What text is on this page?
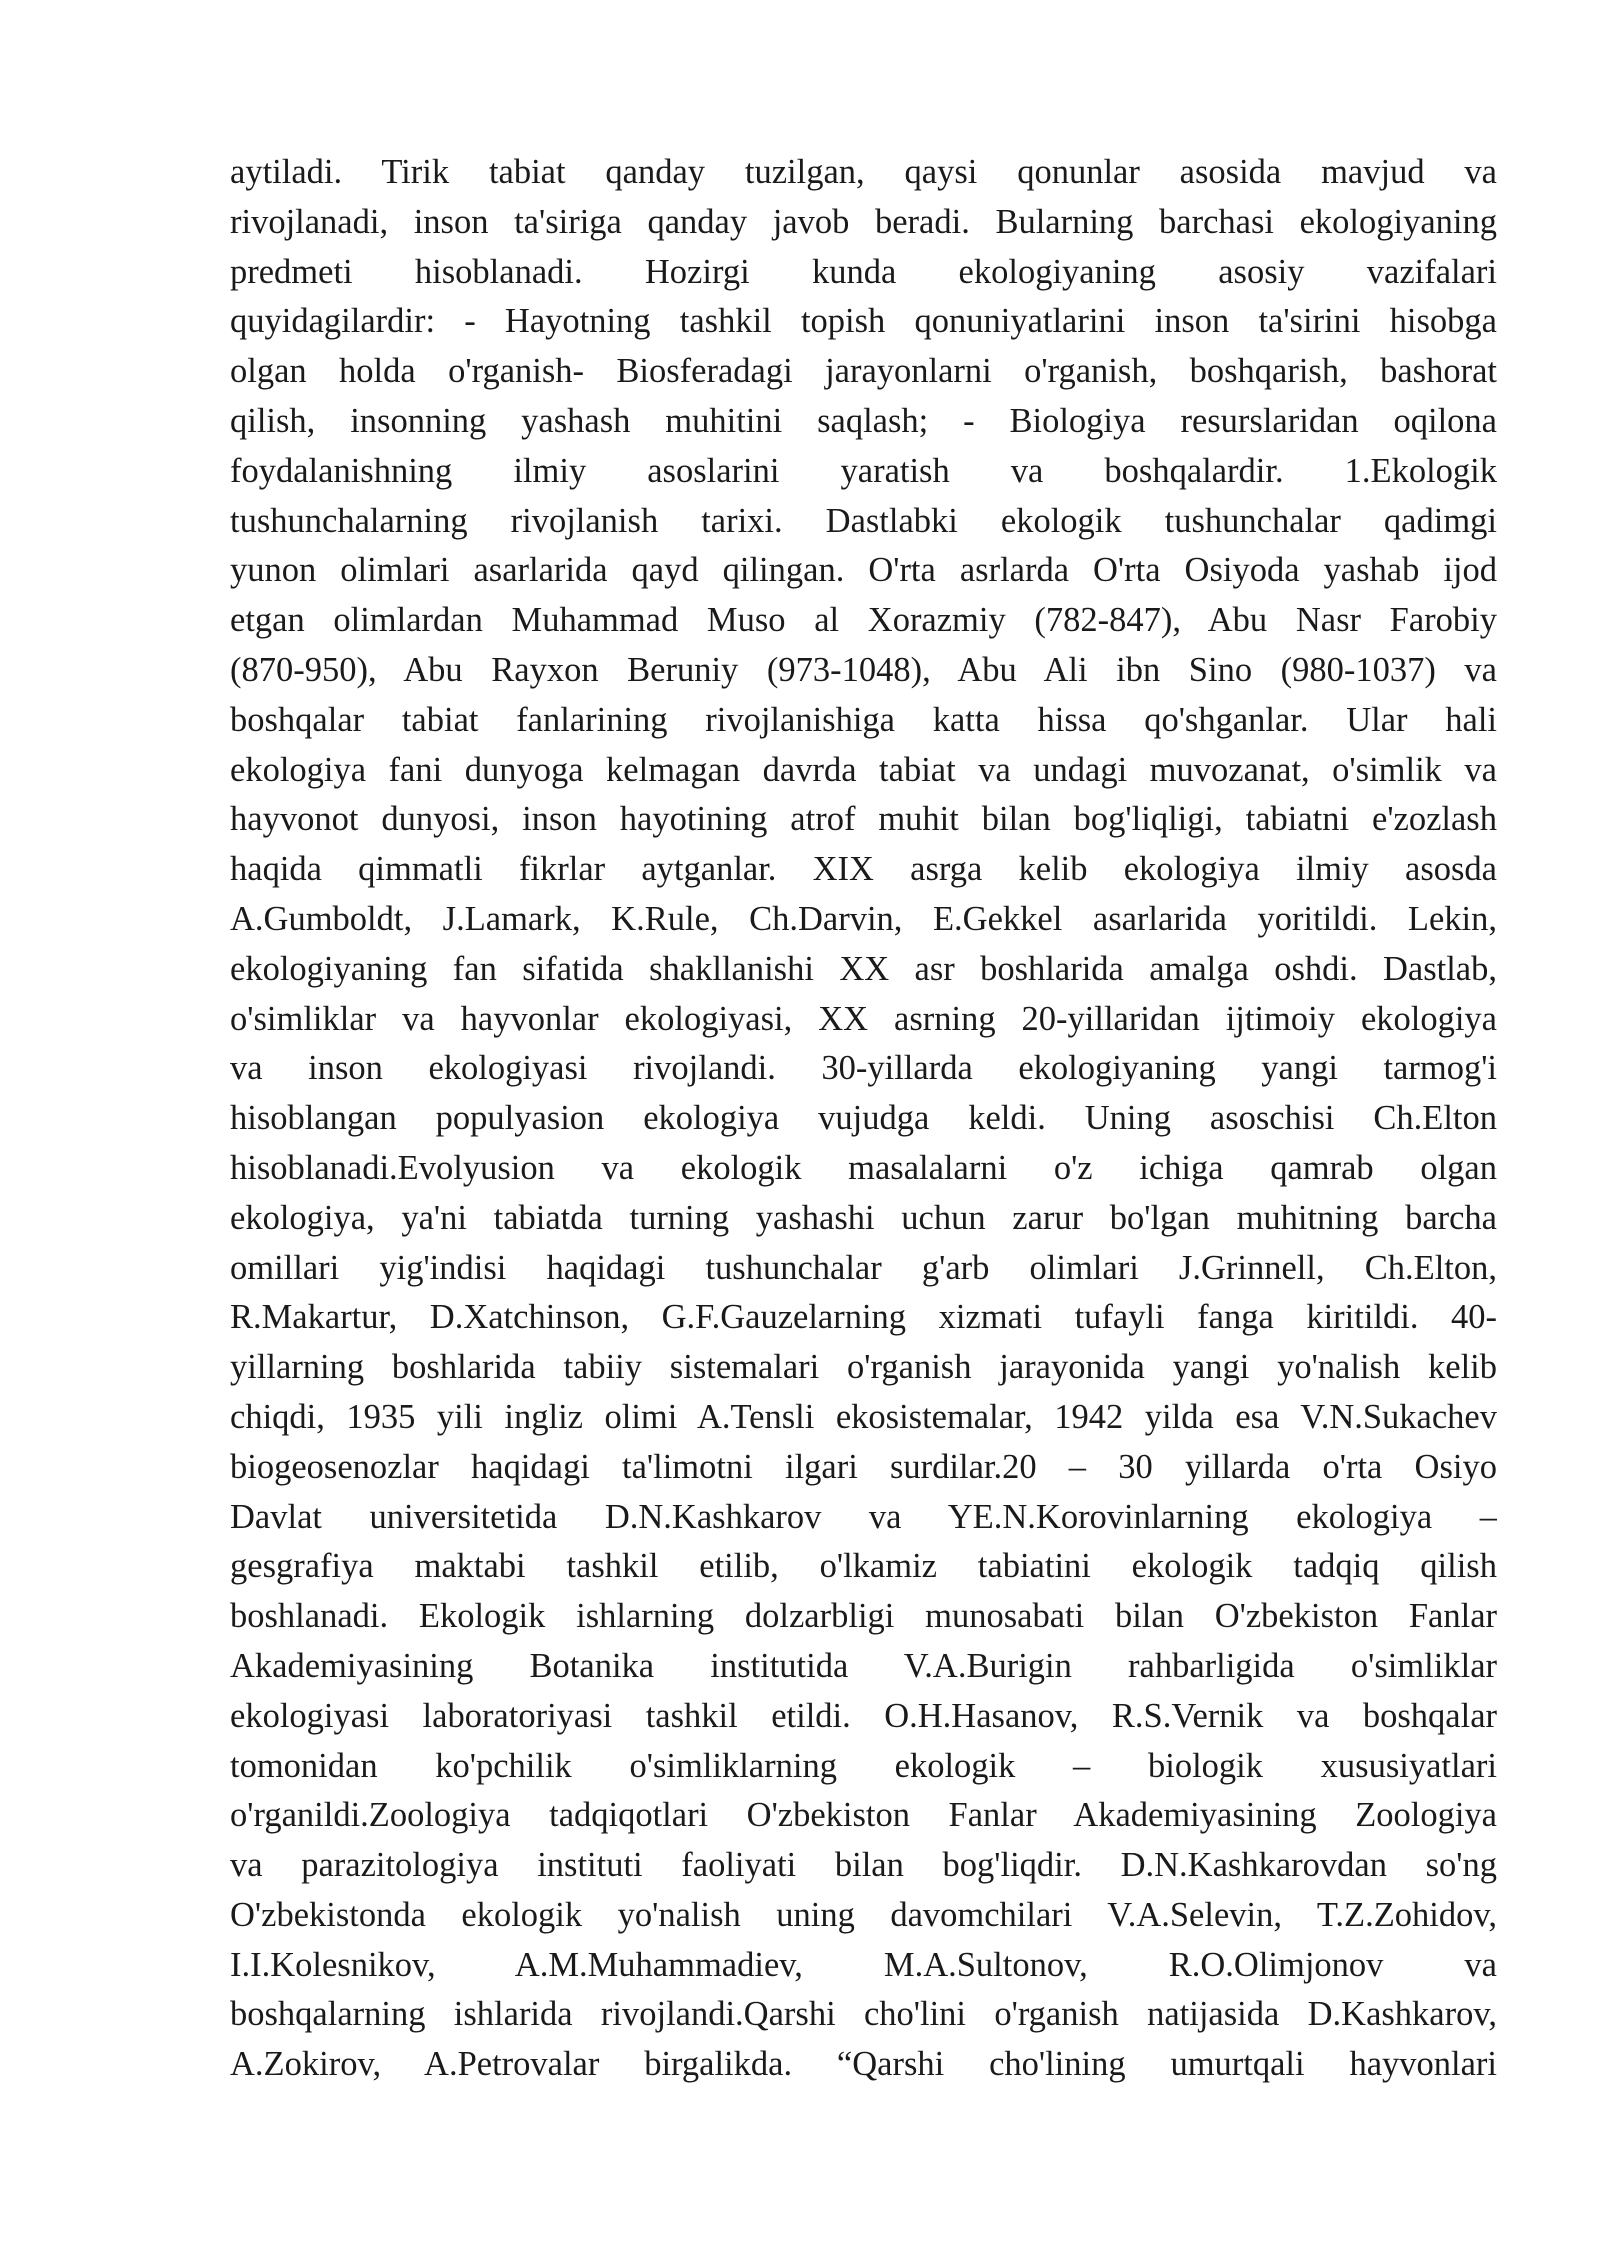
aytiladi. Tirik tabiat qanday tuzilgan, qaysi qonunlar asosida mavjud va
rivojlanadi, inson ta'siriga qanday javob beradi. Bularning barchasi ekologiyaning
predmeti hisoblanadi. Hozirgi kunda ekologiyaning asosiy vazifalari
quyidagilardir: - Hayotning tashkil topish qonuniyatlarini inson ta'sirini hisobga
olgan holda o'rganish- Biosferadagi jarayonlarni o'rganish, boshqarish, bashorat
qilish, insonning yashash muhitini saqlash; - Biologiya resurslaridan oqilona
foydalanishning ilmiy asoslarini yaratish va boshqalardir. 1.Ekologik
tushunchalarning rivojlanish tarixi. Dastlabki ekologik tushunchalar qadimgi
yunon olimlari asarlarida qayd qilingan. O'rta asrlarda O'rta Osiyoda yashab ijod
etgan olimlardan Muhammad Muso al Xorazmiy (782-847), Abu Nasr Farobiy
(870-950), Abu Rayxon Beruniy (973-1048), Abu Ali ibn Sino (980-1037) va
boshqalar tabiat fanlarining rivojlanishiga katta hissa qo'shganlar. Ular hali
ekologiya fani dunyoga kelmagan davrda tabiat va undagi muvozanat, o'simlik va
hayvonot dunyosi, inson hayotining atrof muhit bilan bog'liqligi, tabiatni e'zozlash
haqida qimmatli fikrlar aytganlar. XIX asrga kelib ekologiya ilmiy asosda
A.Gumboldt, J.Lamark, K.Rule, Ch.Darvin, E.Gekkel asarlarida yoritildi. Lekin,
ekologiyaning fan sifatida shakllanishi XX asr boshlarida amalga oshdi. Dastlab,
o'simliklar va hayvonlar ekologiyasi, XX asrning 20-yillaridan ijtimoiy ekologiya
va inson ekologiyasi rivojlandi. 30-yillarda ekologiyaning yangi tarmog'i
hisoblangan populyasion ekologiya vujudga keldi. Uning asoschisi Ch.Elton
hisoblanadi.Evolyusion va ekologik masalalarni o'z ichiga qamrab olgan
ekologiya, ya'ni tabiatda turning yashashi uchun zarur bo'lgan muhitning barcha
omillari yig'indisi haqidagi tushunchalar g'arb olimlari J.Grinnell, Ch.Elton,
R.Makartur, D.Xatchinson, G.F.Gauzelarning xizmati tufayli fanga kiritildi. 40-
yillarning boshlarida tabiiy sistemalari o'rganish jarayonida yangi yo'nalish kelib
chiqdi, 1935 yili ingliz olimi A.Tensli ekosistemalar, 1942 yilda esa V.N.Sukachev
biogeosenozlar haqidagi ta'limotni ilgari surdilar.20 – 30 yillarda o'rta Osiyo
Davlat universitetida D.N.Kashkarov va YE.N.Korovinlarning ekologiya –
gesgrafiya maktabi tashkil etilib, o'lkamiz tabiatini ekologik tadqiq qilish
boshlanadi. Ekologik ishlarning dolzarbligi munosabati bilan O'zbekiston Fanlar
Akademiyasining Botanika institutida V.A.Burigin rahbarligida o'simliklar
ekologiyasi laboratoriyasi tashkil etildi. O.H.Hasanov, R.S.Vernik va boshqalar
tomonidan ko'pchilik o'simliklarning ekologik – biologik xususiyatlari
o'rganildi.Zoologiya tadqiqotlari O'zbekiston Fanlar Akademiyasining Zoologiya
va parazitologiya instituti faoliyati bilan bog'liqdir. D.N.Kashkarovdan so'ng
O'zbekistonda ekologik yo'nalish uning davomchilari V.A.Selevin, T.Z.Zohidov,
I.I.Kolesnikov, A.M.Muhammadiev, M.A.Sultonov, R.O.Olimjonov va
boshqalarning ishlarida rivojlandi.Qarshi cho'lini o'rganish natijasida D.Kashkarov,
A.Zokirov, A.Petrovalar birgalikda. “Qarshi cho'lining umurtqali hayvonlari
